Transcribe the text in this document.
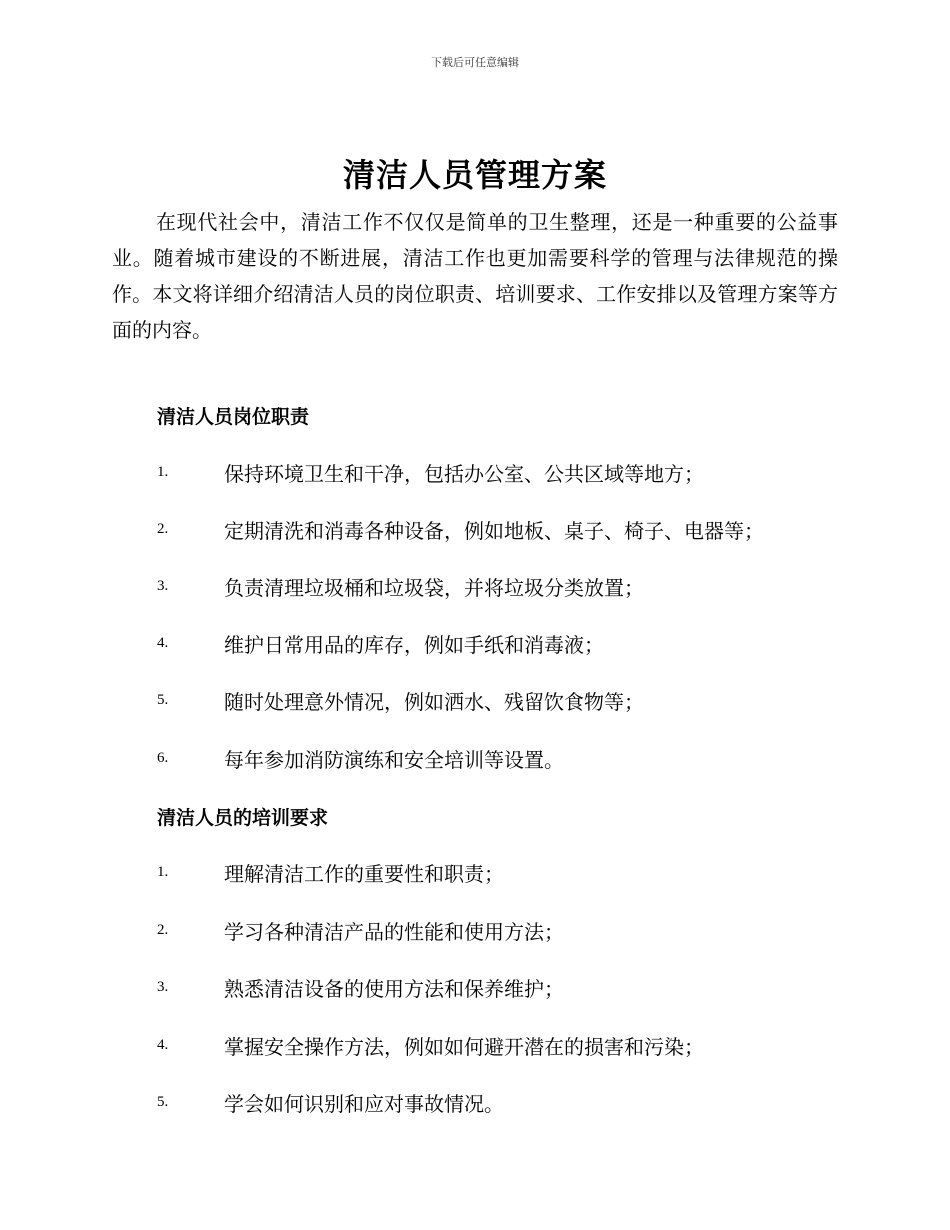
下载后可任意编辑
清洁人员管理方案

在现代社会中，清洁工作不仅仅是简单的卫生整理，还是一种重要的公益事业。随着城市建设的不断进展，清洁工作也更加需要科学的管理与法律规范的操作。本文将详细介绍清洁人员的岗位职责、培训要求、工作安排以及管理方案等方面的内容。

清洁人员岗位职责
1.	保持环境卫生和干净，包括办公室、公共区域等地方；
2.	定期清洗和消毒各种设备，例如地板、桌子、椅子、电器等；
3.	负责清理垃圾桶和垃圾袋，并将垃圾分类放置；
4.	维护日常用品的库存，例如手纸和消毒液；
5.	随时处理意外情况，例如洒水、残留饮食物等；
6.	每年参加消防演练和安全培训等设置。
清洁人员的培训要求
1.	理解清洁工作的重要性和职责；
2.	学习各种清洁产品的性能和使用方法；
3.	熟悉清洁设备的使用方法和保养维护；
4.	掌握安全操作方法，例如如何避开潜在的损害和污染；
5.	学会如何识别和应对事故情况。
